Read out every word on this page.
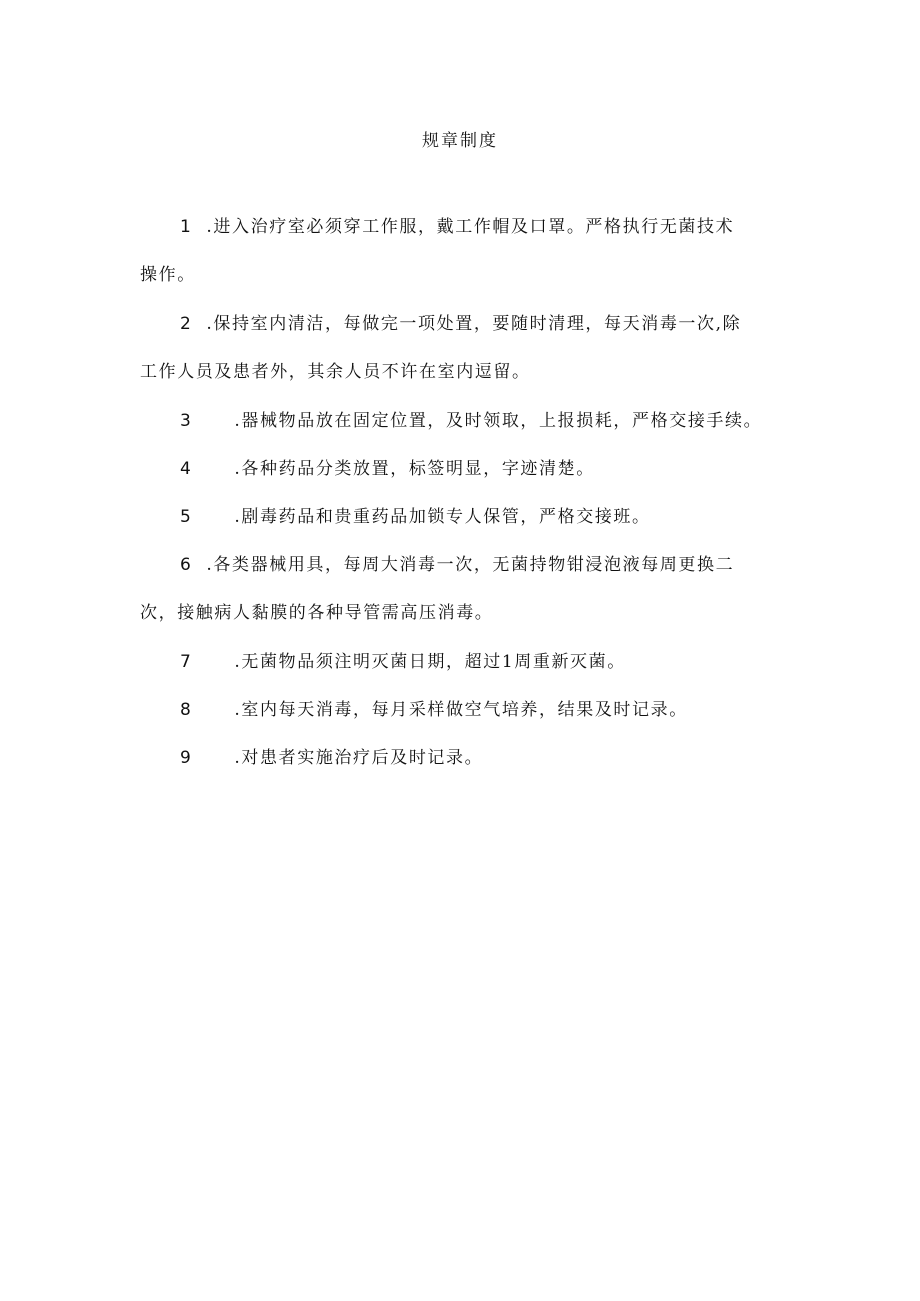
规章制度
1 .进入治疗室必须穿工作服，戴工作帽及口罩。严格执行无菌技术
操作。
2 .保持室内清洁，每做完一项处置，要随时清理，每天消毒一次,除
工作人员及患者外，其余人员不许在室内逗留。
3 .器械物品放在固定位置，及时领取，上报损耗，严格交接手续。
4 .各种药品分类放置，标签明显，字迹清楚。
5 .剧毒药品和贵重药品加锁专人保管，严格交接班。
6 .各类器械用具，每周大消毒一次，无菌持物钳浸泡液每周更换二
次，接触病人黏膜的各种导管需高压消毒。
7 .无菌物品须注明灭菌日期，超过1周重新灭菌。
8 .室内每天消毒，每月采样做空气培养，结果及时记录。
9 .对患者实施治疗后及时记录。
